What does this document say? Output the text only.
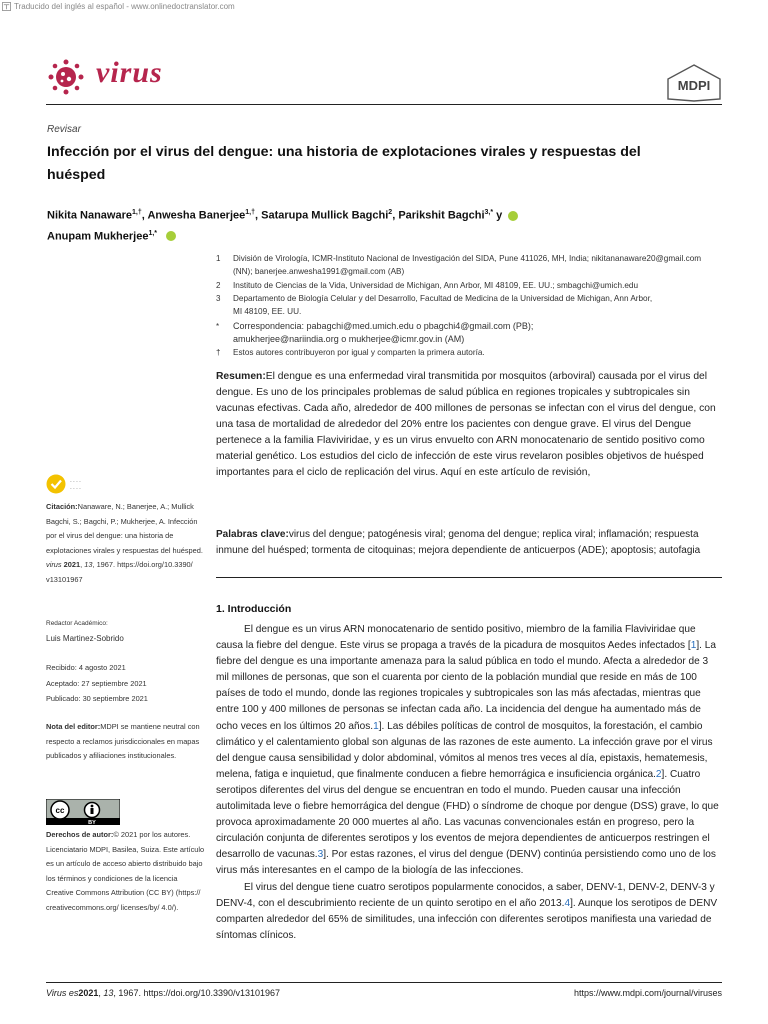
Traducido del inglés al español - www.onlinedoctranslator.com
virus	MDPI
Revisar
Infección por el virus del dengue: una historia de explotaciones virales y respuestas del huésped
Nikita Nanaware$^{1,\dagger}$, Anwesha Banerjee$^{1,\dagger}$, Satarupa Mullick Bagchi$^2$, Parikshit Bagchi$^{3,*}$ y
Anupam Mukherjee$^{1,*}$
1	División de Virología, ICMR-Instituto Nacional de Investigación del SIDA, Pune 411026, MH, India; nikitananaware20@gmail.com (NN); banerjee.anwesha1991@gmail.com (AB)
2	Instituto de Ciencias de la Vida, Universidad de Michigan, Ann Arbor, MI 48109, EE. UU.; smbagchi@umich.edu
3	Departamento de Biología Celular y del Desarrollo, Facultad de Medicina de la Universidad de Michigan, Ann Arbor, MI 48109, EE. UU.
*	Correspondencia: pabagchi@med.umich.edu o pbagchi4@gmail.com (PB); amukherjee@nariindia.org o mukherjee@icmr.gov.in (AM)
†	Estos autores contribuyeron por igual y comparten la primera autoría.
Resumen:El dengue es una enfermedad viral transmitida por mosquitos (arboviral) causada por el virus del dengue. Es uno de los principales problemas de salud pública en regiones tropicales y subtropicales sin vacunas efectivas. Cada año, alrededor de 400 millones de personas se infectan con el virus del dengue, con una tasa de mortalidad de alrededor del 20% entre los pacientes con dengue grave. El virus del Dengue pertenece a la familia Flaviviridae, y es un virus envuelto con ARN monocatenario de sentido positivo como material genético. Los estudios del ciclo de infección de este virus revelaron posibles objetivos de huésped importantes para el ciclo de replicación del virus. Aquí en este artículo de revisión,
Palabras clave:virus del dengue; patogénesis viral; genoma del dengue; replica viral; inflamación; respuesta inmune del huésped; tormenta de citoquinas; mejora dependiente de anticuerpos (ADE); apoptosis; autofagia
- - - -
- - - -
Citación:Nanaware, N.; Banerjee, A.; Mullick Bagchi, S.; Bagchi, P.; Mukherjee, A. Infección por el virus del dengue: una historia de explotaciones virales y respuestas del huésped. virus 2021, 13, 1967. https://doi.org/10.3390/ v13101967
Redactor Académico:
Luis Martinez-Sobrido
Recibido: 4 agosto 2021
Aceptado: 27 septiembre 2021
Publicado: 30 septiembre 2021
Nota del editor:MDPI se mantiene neutral con respecto a reclamos jurisdiccionales en mapas publicados y afiliaciones institucionales.
cc
BY
Derechos de autor:© 2021 por los autores. Licenciatario MDPI, Basilea, Suiza. Este artículo es un artículo de acceso abierto distribuido bajo los términos y condiciones de la licencia Creative Commons Attribution (CC BY) (https:// creativecommons.org/ licenses/by/ 4.0/).
1. Introducción

El dengue es un virus ARN monocatenario de sentido positivo, miembro de la familia Flaviviridae que causa la fiebre del dengue. Este virus se propaga a través de la picadura de mosquitos Aedes infectados [1]. La fiebre del dengue es una importante amenaza para la salud pública en todo el mundo. Afecta a alrededor de 3 mil millones de personas, que son el cuarenta por ciento de la población mundial que reside en más de 100 países de todo el mundo, donde las regiones tropicales y subtropicales son las más afectadas, mientras que entre 100 y 400 millones de personas se infectan cada año. La incidencia del dengue ha aumentado más de ocho veces en los últimos 20 años.1]. Las débiles políticas de control de mosquitos, la forestación, el cambio climático y el calentamiento global son algunas de las razones de este aumento. La infección grave por el virus del dengue causa sensibilidad y dolor abdominal, vómitos al menos tres veces al día, epistaxis, hematemesis, melena, fatiga e inquietud, que finalmente conducen a fiebre hemorrágica e insuficiencia orgánica.2]. Cuatro serotipos diferentes del virus del dengue se encuentran en todo el mundo. Pueden causar una infección autolimitada leve o fiebre hemorrágica del dengue (FHD) o síndrome de choque por dengue (DSS) grave, lo que provoca aproximadamente 20 000 muertes al año. Las vacunas convencionales están en progreso, pero la circulación conjunta de diferentes serotipos y los eventos de mejora dependientes de anticuerpos restringen el desarrollo de vacunas.3]. Por estas razones, el virus del dengue (DENV) continúa persistiendo como uno de los virus más interesantes en el campo de la biología de las infecciones.

El virus del dengue tiene cuatro serotipos popularmente conocidos, a saber, DENV-1, DENV-2, DENV-3 y DENV-4, con el descubrimiento reciente de un quinto serotipo en el año 2013.4]. Aunque los serotipos de DENV comparten alrededor del 65% de similitudes, una infección con diferentes serotipos manifiesta una variedad de síntomas clínicos.

Virus es2021, 13, 1967. https://doi.org/10.3390/v13101967	https://www.mdpi.com/journal/viruses
